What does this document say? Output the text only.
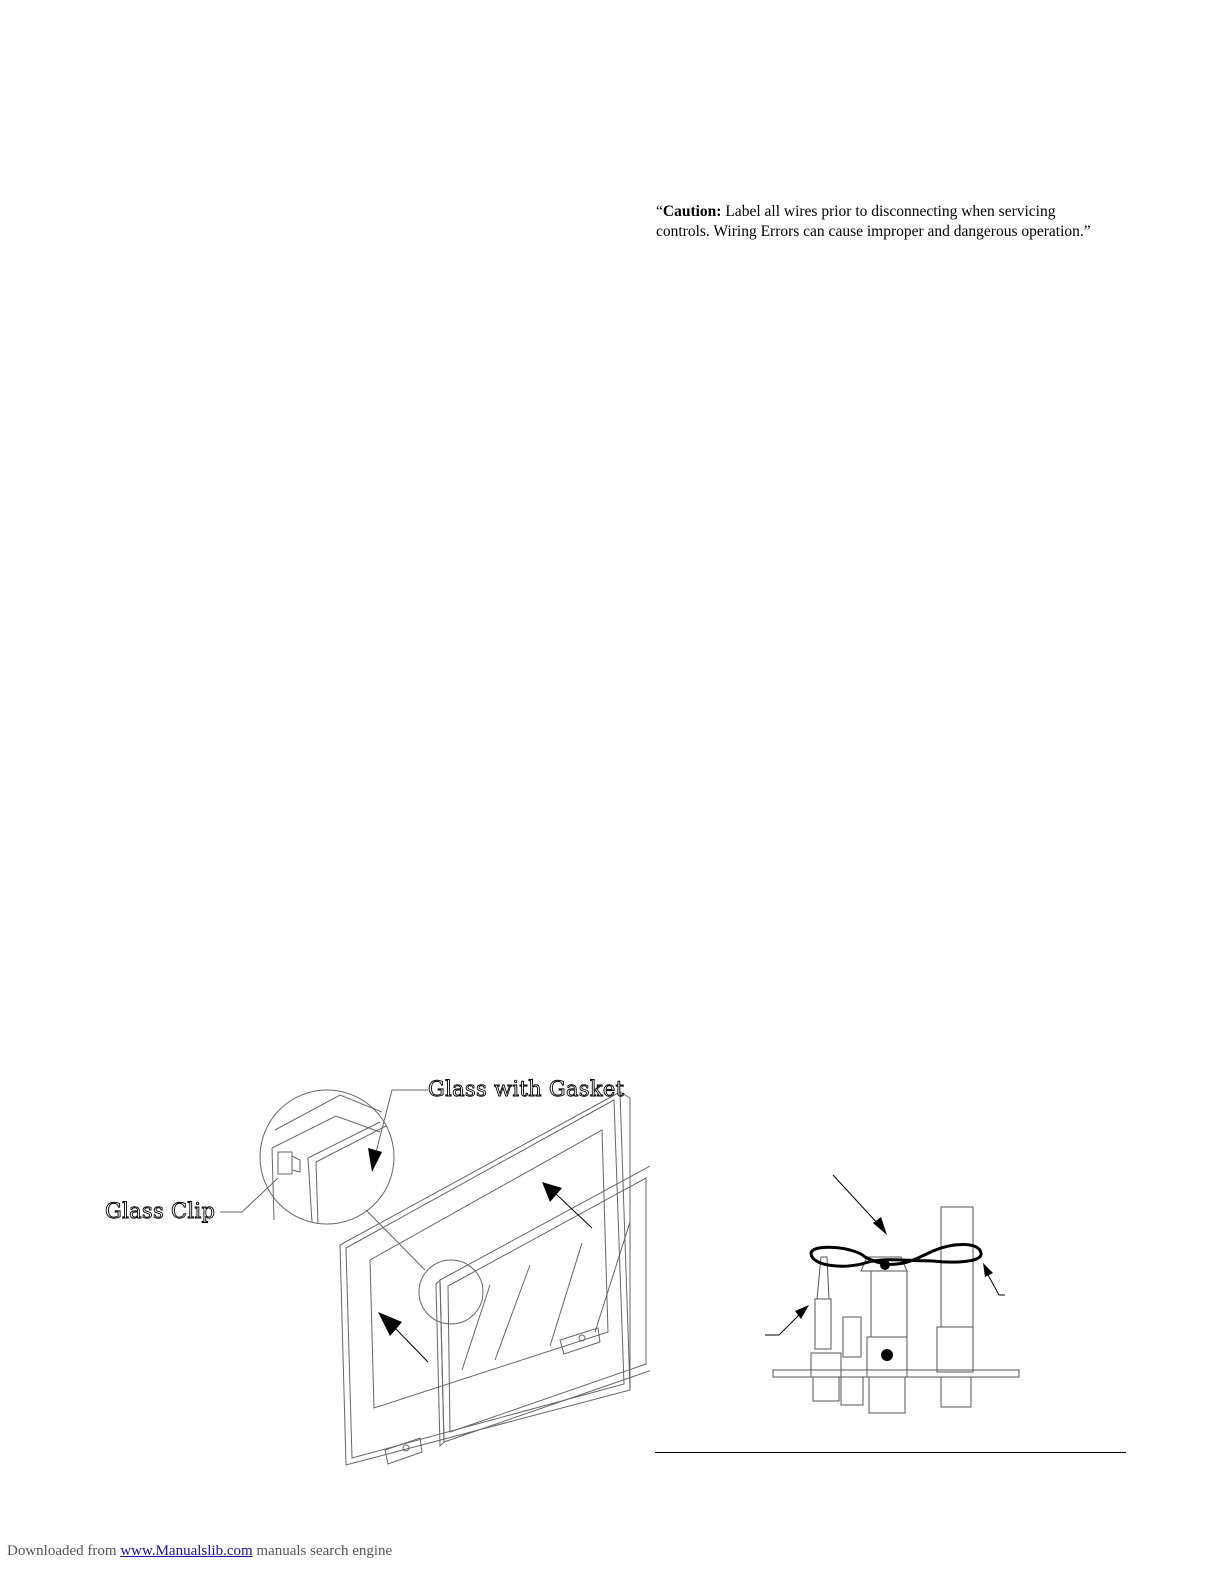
“Caution: Label all wires prior to disconnecting when servicing controls. Wiring Errors can cause improper and dangerous operation.”
Glass with Gasket
Glass Clip
Downloaded from www.Manualslib.com manuals search engine
